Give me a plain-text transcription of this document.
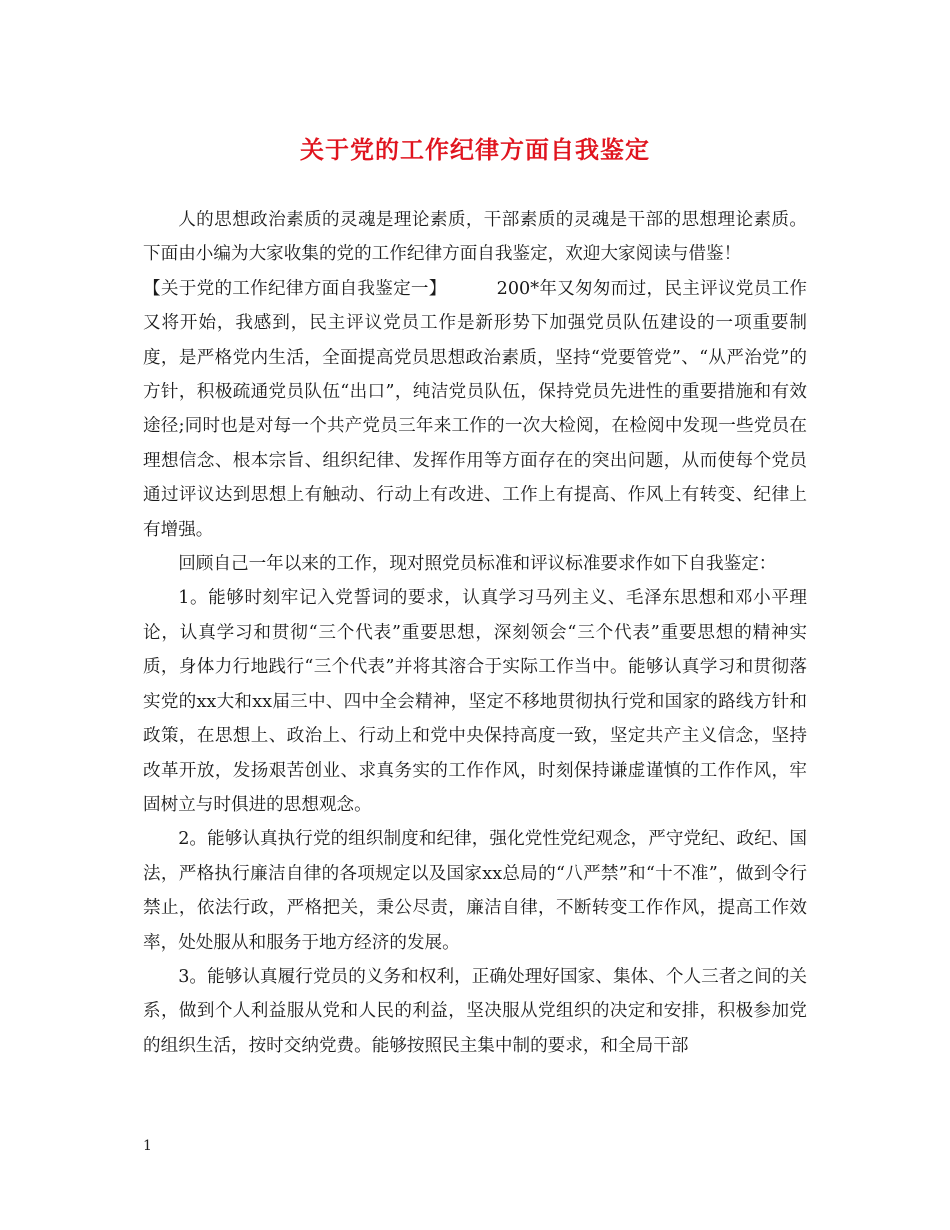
关于党的工作纪律方面自我鉴定

人的思想政治素质的灵魂是理论素质，干部素质的灵魂是干部的思想理论素质。下面由小编为大家收集的党的工作纪律方面自我鉴定，欢迎大家阅读与借鉴！

【关于党的工作纪律方面自我鉴定一】	200*年又匆匆而过，民主评议党员工作又将开始，我感到，民主评议党员工作是新形势下加强党员队伍建设的一项重要制度，是严格党内生活，全面提高党员思想政治素质，坚持“党要管党”、“从严治党”的方针，积极疏通党员队伍“出口”，纯洁党员队伍，保持党员先进性的重要措施和有效途径;同时也是对每一个共产党员三年来工作的一次大检阅，在检阅中发现一些党员在理想信念、根本宗旨、组织纪律、发挥作用等方面存在的突出问题，从而使每个党员通过评议达到思想上有触动、行动上有改进、工作上有提高、作风上有转变、纪律上有增强。

回顾自己一年以来的工作，现对照党员标准和评议标准要求作如下自我鉴定：

1。能够时刻牢记入党誓词的要求，认真学习马列主义、毛泽东思想和邓小平理论，认真学习和贯彻“三个代表”重要思想，深刻领会“三个代表”重要思想的精神实质，身体力行地践行“三个代表”并将其溶合于实际工作当中。能够认真学习和贯彻落实党的xx大和xx届三中、四中全会精神，坚定不移地贯彻执行党和国家的路线方针和政策，在思想上、政治上、行动上和党中央保持高度一致，坚定共产主义信念，坚持改革开放，发扬艰苦创业、求真务实的工作作风，时刻保持谦虚谨慎的工作作风，牢固树立与时俱进的思想观念。

2。能够认真执行党的组织制度和纪律，强化党性党纪观念，严守党纪、政纪、国法，严格执行廉洁自律的各项规定以及国家xx总局的“八严禁”和“十不准”，做到令行禁止，依法行政，严格把关，秉公尽责，廉洁自律，不断转变工作作风，提高工作效率，处处服从和服务于地方经济的发展。

3。能够认真履行党员的义务和权利，正确处理好国家、集体、个人三者之间的关系，做到个人利益服从党和人民的利益，坚决服从党组织的决定和安排，积极参加党的组织生活，按时交纳党费。能够按照民主集中制的要求，和全局干部

1
